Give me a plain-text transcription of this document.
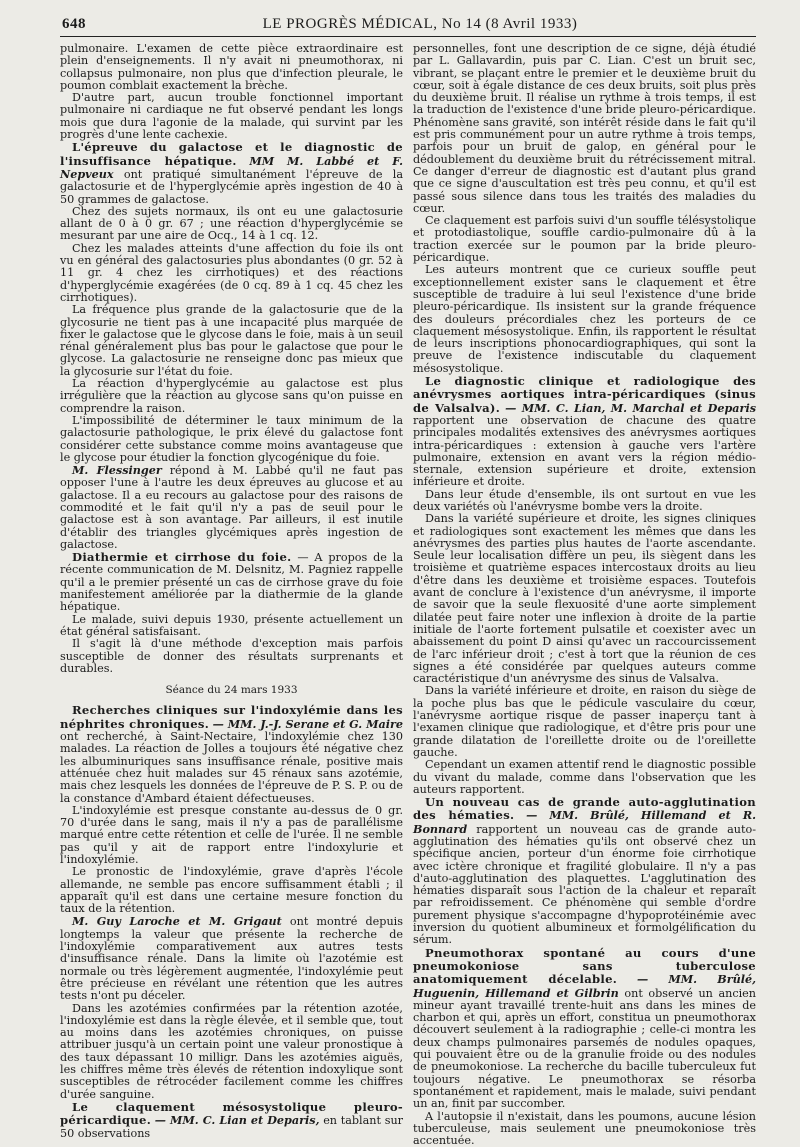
648	LE PROGRÈS MÉDICAL, No 14 (8 Avril 1933)

pulmonaire. L'examen de cette pièce extraordinaire est plein d'enseignements. Il n'y avait ni pneumothorax, ni collapsus pulmonaire, non plus que d'infection pleurale, le poumon comblait exactement la brèche.

D'autre part, aucun trouble fonctionnel important pulmonaire ni cardiaque ne fut observé pendant les longs mois que dura l'agonie de la malade, qui survint par les progrès d'une lente cachexie.

L'épreuve du galactose et le diagnostic de l'insuffisance hépatique. MM M. Labbé et F. Nepveux ont pratiqué simultanément l'épreuve de la galactosurie et de l'hyperglycémie après ingestion de 40 à 50 grammes de galactose.

Chez des sujets normaux, ils ont eu une galactosurie allant de 0 à 0 gr. 67 ; une réaction d'hyperglycémie se mesurant par une aire de Ocq., 14 à 1 cq. 12.

Chez les malades atteints d'une affection du foie ils ont vu en général des galactosuries plus abondantes (0 gr. 52 à 11 gr. 4 chez les cirrhotiques) et des réactions d'hyperglycémie exagérées (de 0 cq. 89 à 1 cq. 45 chez les cirrhotiques).

La fréquence plus grande de la galactosurie que de la glycosurie ne tient pas à une incapacité plus marquée de fixer le galactose que le glycose dans le foie, mais à un seuil rénal généralement plus bas pour le galactose que pour le glycose. La galactosurie ne renseigne donc pas mieux que la glycosurie sur l'état du foie.

La réaction d'hyperglycémie au galactose est plus irrégulière que la réaction au glycose sans qu'on puisse en comprendre la raison.

L'impossibilité de déterminer le taux minimum de la galactosurie pathologique, le prix élevé du galactose font considérer cette substance comme moins avantageuse que le glycose pour étudier la fonction glycogénique du foie.

M. Flessinger répond à M. Labbé qu'il ne faut pas opposer l'une à l'autre les deux épreuves au glucose et au galactose. Il a eu recours au galactose pour des raisons de commodité et le fait qu'il n'y a pas de seuil pour le galactose est à son avantage. Par ailleurs, il est inutile d'établir des triangles glycémiques après ingestion de galactose.

Diathermie et cirrhose du foie. — A propos de la récente communication de M. Delsnitz, M. Pagniez rappelle qu'il a le premier présenté un cas de cirrhose grave du foie manifestement améliorée par la diathermie de la glande hépatique.

Le malade, suivi depuis 1930, présente actuellement un état général satisfaisant.

Il s'agit là d'une méthode d'exception mais parfois susceptible de donner des résultats surprenants et durables.

Séance du 24 mars 1933

Recherches cliniques sur l'indoxylémie dans les néphrites chroniques. — MM. J.-J. Serane et G. Maire ont recherché, à Saint-Nectaire, l'indoxylémie chez 130 malades. La réaction de Jolles a toujours été négative chez les albuminuriques sans insuffisance rénale, positive mais atténuée chez huit malades sur 45 rénaux sans azotémie, mais chez lesquels les données de l'épreuve de P. S. P. ou de la constance d'Ambard étaient défectueuses.

L'indoxylémie est presque constante au-dessus de 0 gr. 70 d'urée dans le sang, mais il n'y a pas de parallélisme marqué entre cette rétention et celle de l'urée. Il ne semble pas qu'il y ait de rapport entre l'indoxylurie et l'indoxylémie.

Le pronostic de l'indoxylémie, grave d'après l'école allemande, ne semble pas encore suffisamment établi ; il apparaît qu'il est dans une certaine mesure fonction du taux de la rétention.

M. Guy Laroche et M. Grigaut ont montré depuis longtemps la valeur que présente la recherche de l'indoxylémie comparativement aux autres tests d'insuffisance rénale. Dans la limite où l'azotémie est normale ou très légèrement augmentée, l'indoxylémie peut être précieuse en révélant une rétention que les autres tests n'ont pu déceler.

Dans les azotémies confirmées par la rétention azotée, l'indoxylémie est dans la règle élevée, et il semble que, tout au moins dans les azotémies chroniques, on puisse attribuer jusqu'à un certain point une valeur pronostique à des taux dépassant 10 milligr. Dans les azotémies aiguës, les chiffres même très élevés de rétention indoxylique sont susceptibles de rétrocéder facilement comme les chiffres d'urée sanguine.

Le claquement mésosystolique pleuro-péricardique. — MM. C. Lian et Deparis, en tablant sur 50 observations

personnelles, font une description de ce signe, déjà étudié par L. Gallavardin, puis par C. Lian. C'est un bruit sec, vibrant, se plaçant entre le premier et le deuxième bruit du cœur, soit à égale distance de ces deux bruits, soit plus près du deuxième bruit. Il réalise un rythme à trois temps, il est la traduction de l'existence d'une bride pleuro-péricardique. Phénomène sans gravité, son intérêt réside dans le fait qu'il est pris communément pour un autre rythme à trois temps, parfois pour un bruit de galop, en général pour le dédoublement du deuxième bruit du rétrécissement mitral. Ce danger d'erreur de diagnostic est d'autant plus grand que ce signe d'auscultation est très peu connu, et qu'il est passé sous silence dans tous les traités des maladies du cœur.

Ce claquement est parfois suivi d'un souffle télésystolique et protodiastolique, souffle cardio-pulmonaire dû à la traction exercée sur le poumon par la bride pleuro-péricardique.

Les auteurs montrent que ce curieux souffle peut exceptionnellement exister sans le claquement et être susceptible de traduire à lui seul l'existence d'une bride pleuro-péricardique. Ils insistent sur la grande fréquence des douleurs précordiales chez les porteurs de ce claquement mésosystolique. Enfin, ils rapportent le résultat de leurs inscriptions phonocardiographiques, qui sont la preuve de l'existence indiscutable du claquement mésosystolique.

Le diagnostic clinique et radiologique des anévrysmes aortiques intra-péricardiques (sinus de Valsalva). — MM. C. Lian, M. Marchal et Deparis rapportent une observation de chacune des quatre principales modalités extensives des anévrysmes aortiques intra-péricardiques : extension à gauche vers l'artère pulmonaire, extension en avant vers la région médio-sternale, extension supérieure et droite, extension inférieure et droite.

Dans leur étude d'ensemble, ils ont surtout en vue les deux variétés où l'anévrysme bombe vers la droite.

Dans la variété supérieure et droite, les signes cliniques et radiologiques sont exactement les mêmes que dans les anévrysmes des parties plus hautes de l'aorte ascendante. Seule leur localisation diffère un peu, ils siègent dans les troisième et quatrième espaces intercostaux droits au lieu d'être dans les deuxième et troisième espaces. Toutefois avant de conclure à l'existence d'un anévrysme, il importe de savoir que la seule flexuosité d'une aorte simplement dilatée peut faire noter une inflexion à droite de la partie initiale de l'aorte fortement pulsatile et coexister avec un abaissement du point D ainsi qu'avec un raccourcissement de l'arc inférieur droit ; c'est à tort que la réunion de ces signes a été considérée par quelques auteurs comme caractéristique d'un anévrysme des sinus de Valsalva.

Dans la variété inférieure et droite, en raison du siège de la poche plus bas que le pédicule vasculaire du cœur, l'anévrysme aortique risque de passer inaperçu tant à l'examen clinique que radiologique, et d'être pris pour une grande dilatation de l'oreillette droite ou de l'oreillette gauche.

Cependant un examen attentif rend le diagnostic possible du vivant du malade, comme dans l'observation que les auteurs rapportent.

Un nouveau cas de grande auto-agglutination des hématies. — MM. Brûlé, Hillemand et R. Bonnard rapportent un nouveau cas de grande auto-agglutination des hématies qu'ils ont observé chez un spécifique ancien, porteur d'un énorme foie cirrhotique avec ictère chronique et fragilité globulaire. Il n'y a pas d'auto-agglutination des plaquettes. L'agglutination des hématies disparaît sous l'action de la chaleur et reparaît par refroidissement. Ce phénomène qui semble d'ordre purement physique s'accompagne d'hypoprotéinémie avec inversion du quotient albumineux et formolgélification du sérum.

Pneumothorax spontané au cours d'une pneumokoniose sans tuberculose anatomiquement décelable. — MM. Brûlé, Huguenin, Hillemand et Gilbrin ont observé un ancien mineur ayant travaillé trente-huit ans dans les mines de charbon et qui, après un effort, constitua un pneumothorax découvert seulement à la radiographie ; celle-ci montra les deux champs pulmonaires parsemés de nodules opaques, qui pouvaient être ou de la granulie froide ou des nodules de pneumokoniose. La recherche du bacille tuberculeux fut toujours négative. Le pneumothorax se résorba spontanément et rapidement, mais le malade, suivi pendant un an, finit par succomber.

A l'autopsie il n'existait, dans les poumons, aucune lésion tuberculeuse, mais seulement une pneumokoniose très accentuée.
